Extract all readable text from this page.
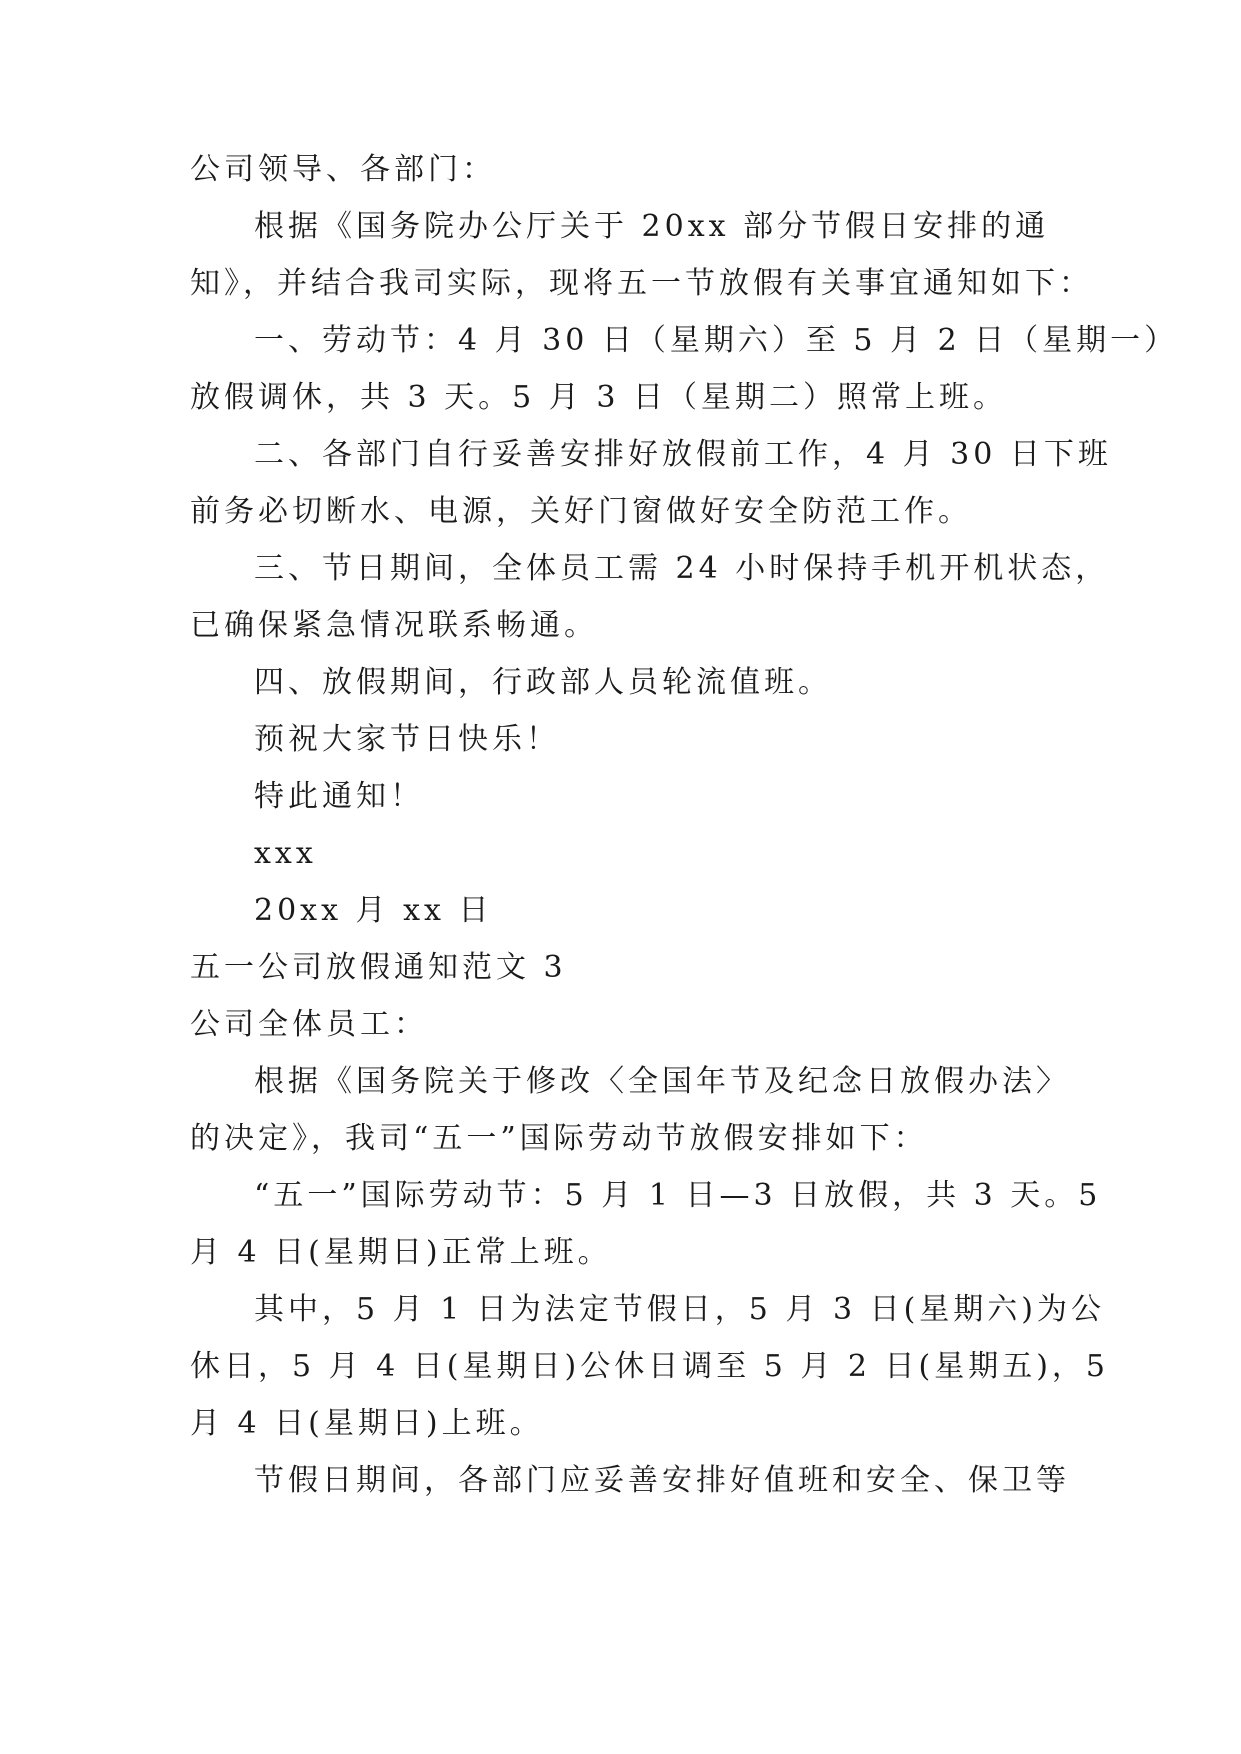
公司领导、各部门：
根据《国务院办公厅关于 20xx 部分节假日安排的通
知》，并结合我司实际，现将五一节放假有关事宜通知如下：
一、劳动节：4 月 30 日（星期六）至 5 月 2 日（星期一）
放假调休，共 3 天。5 月 3 日（星期二）照常上班。
二、各部门自行妥善安排好放假前工作，4 月 30 日下班
前务必切断水、电源，关好门窗做好安全防范工作。
三、节日期间，全体员工需 24 小时保持手机开机状态，
已确保紧急情况联系畅通。
四、放假期间，行政部人员轮流值班。
预祝大家节日快乐！
特此通知！
xxx
20xx 月 xx 日
五一公司放假通知范文 3
公司全体员工：
根据《国务院关于修改〈全国年节及纪念日放假办法〉
的决定》，我司“五一”国际劳动节放假安排如下：
“五一”国际劳动节：5 月 1 日—3 日放假，共 3 天。5
月 4 日(星期日)正常上班。
其中，5 月 1 日为法定节假日，5 月 3 日(星期六)为公
休日，5 月 4 日(星期日)公休日调至 5 月 2 日(星期五)，5
月 4 日(星期日)上班。
节假日期间，各部门应妥善安排好值班和安全、保卫等
